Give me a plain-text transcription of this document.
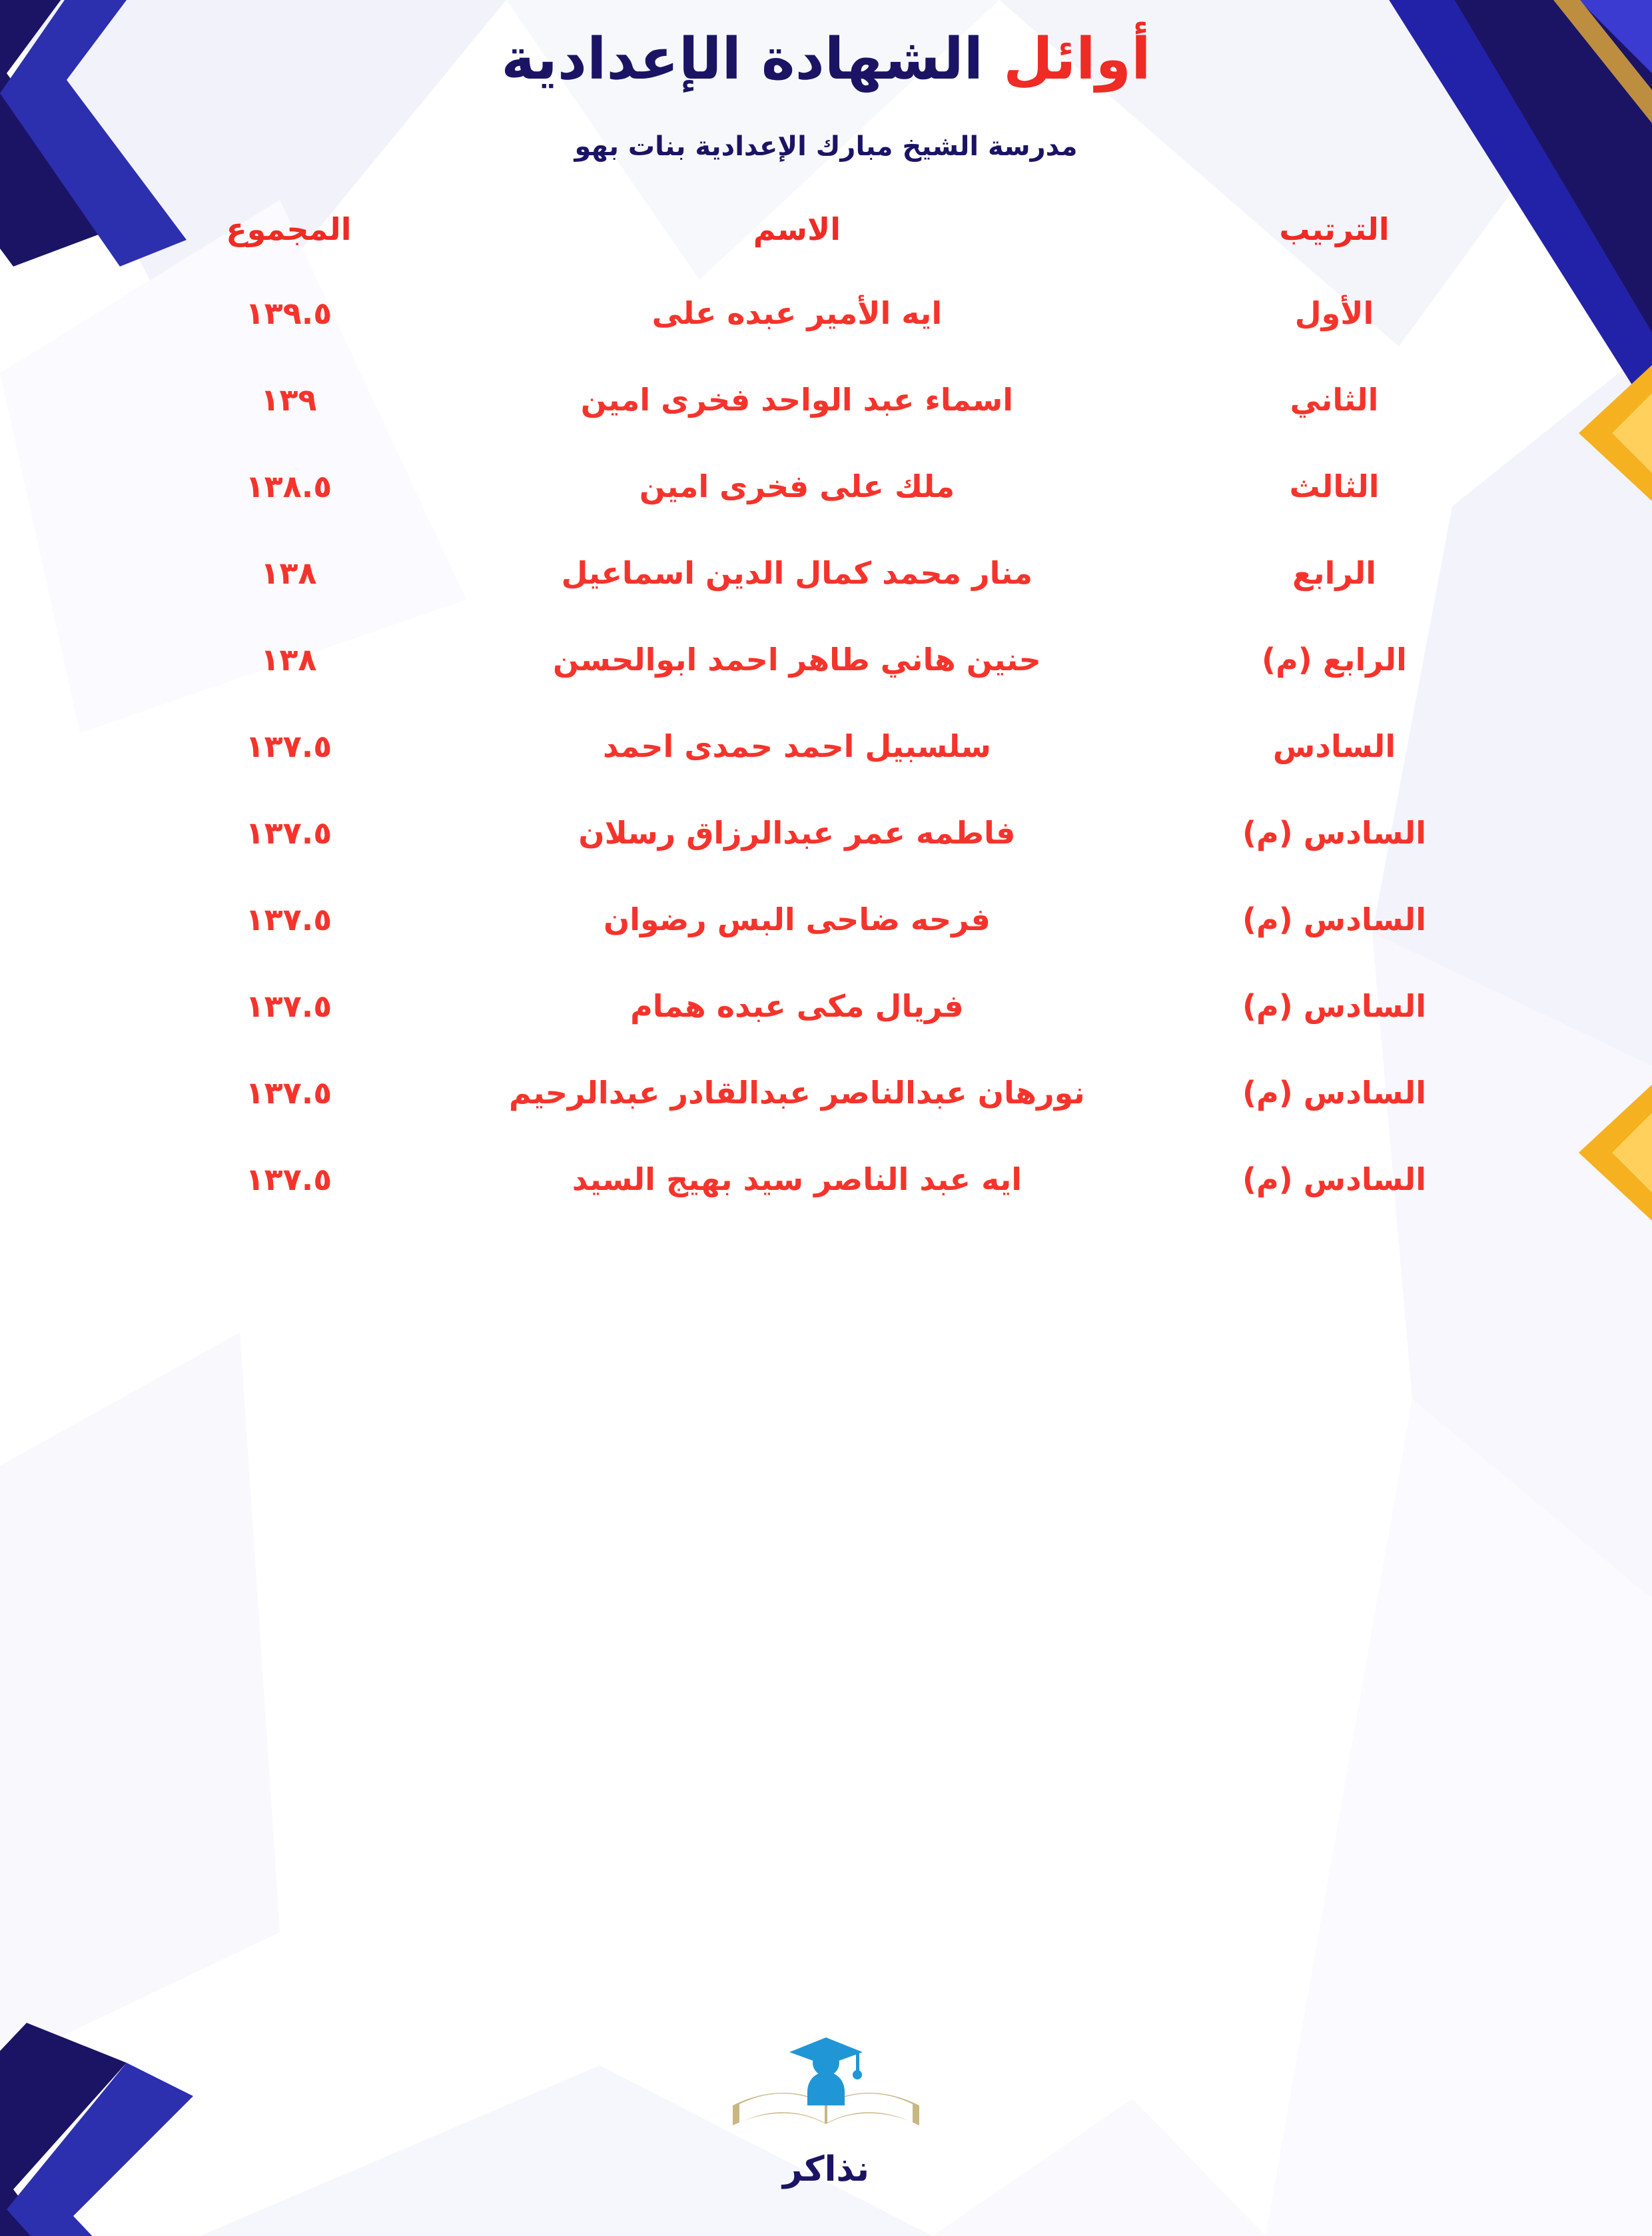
أوائل الشهادة الإعدادية
مدرسة الشيخ مبارك الإعدادية بنات بهو
الترتيب	الاسم	المجموع
الأول	ايه الأمير عبده على	١٣٩.٥
الثاني	اسماء عبد الواحد فخرى امين	١٣٩
الثالث	ملك على فخرى امين	١٣٨.٥
الرابع	منار محمد كمال الدين اسماعيل	١٣٨
الرابع (م)	حنين هاني طاهر احمد ابوالحسن	١٣٨
السادس	سلسبيل احمد حمدى احمد	١٣٧.٥
السادس (م)	فاطمه عمر عبدالرزاق رسلان	١٣٧.٥
السادس (م)	فرحه ضاحى البس رضوان	١٣٧.٥
السادس (م)	فريال مكى عبده همام	١٣٧.٥
السادس (م)	نورهان عبدالناصر عبدالقادر عبدالرحيم	١٣٧.٥
السادس (م)	ايه عبد الناصر سيد بهيج السيد	١٣٧.٥
نذاكر
